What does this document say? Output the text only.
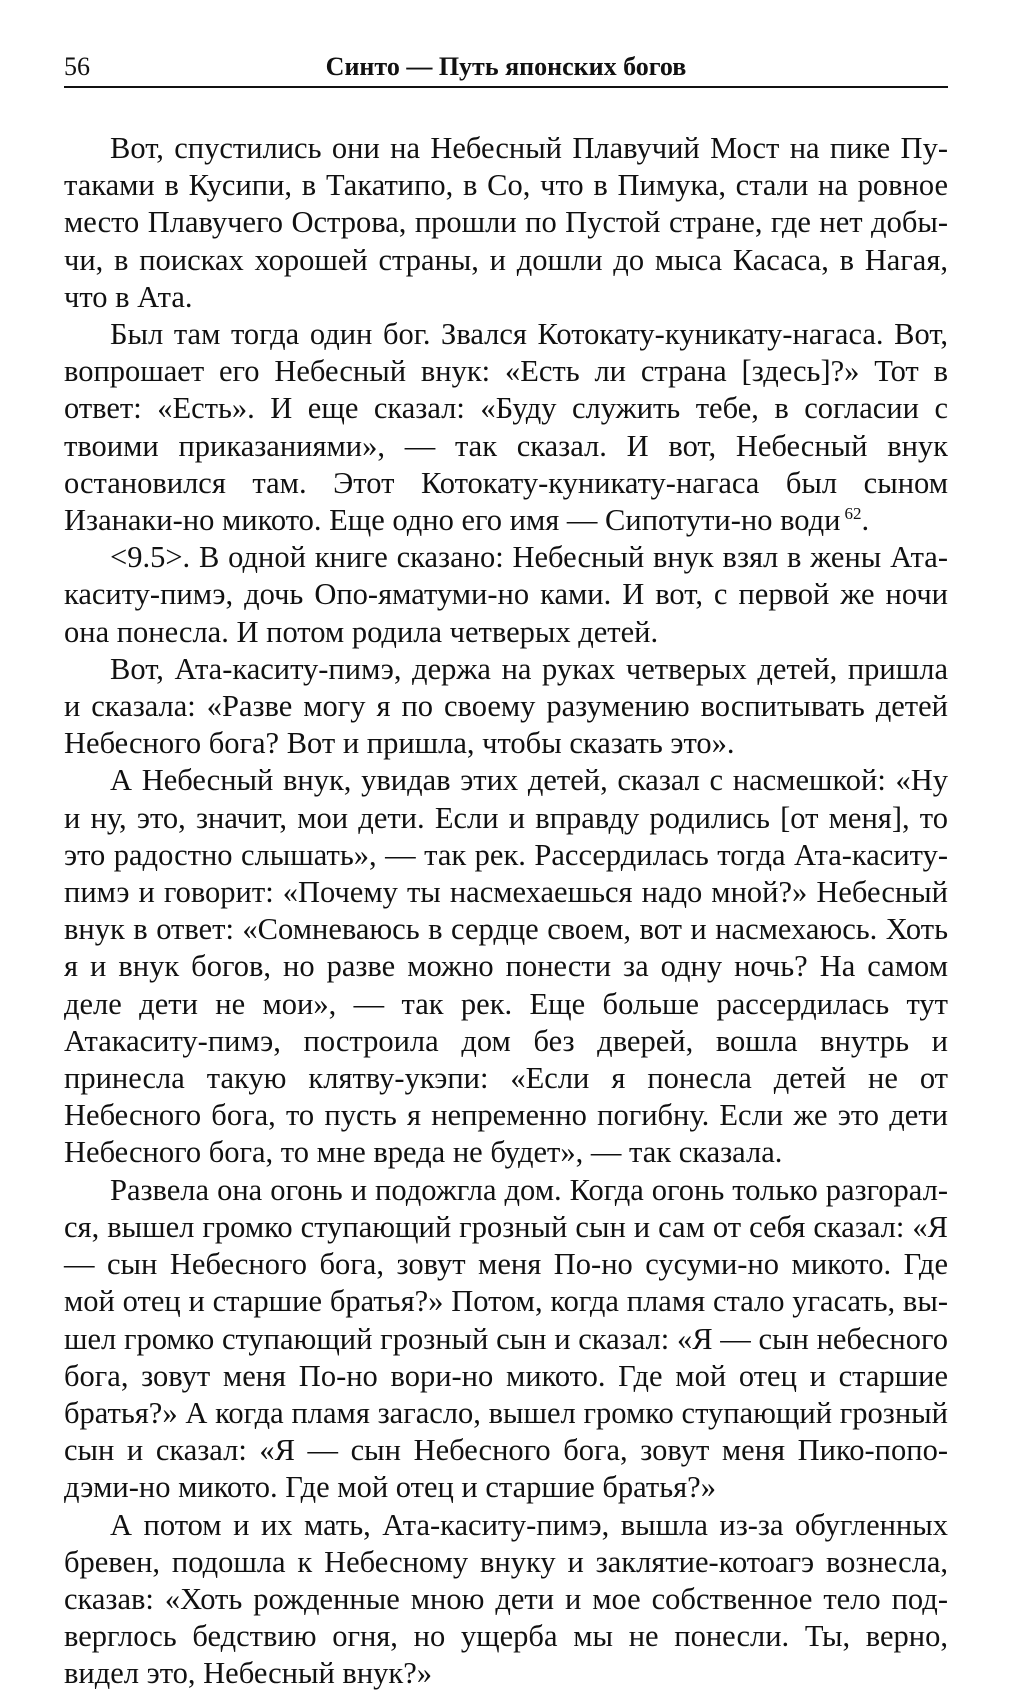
56	Синто — Путь японских богов

Вот, спустились они на Небесный Плавучий Мост на пике Путаками в Кусипи, в Такатипо, в Со, что в Пимука, стали на ровное место Плавучего Острова, прошли по Пустой стране, где нет добычи, в поисках хорошей страны, и дошли до мыса Касаса, в Нагая, что в Ата.

Был там тогда один бог. Звался Котокату-куникату-нагаса. Вот, вопрошает его Небесный внук: «Есть ли страна [здесь]?» Тот в ответ: «Есть». И еще сказал: «Буду служить тебе, в согласии с твоими приказаниями», — так сказал. И вот, Небесный внук остановился там. Этот Котокату-куникату-нагаса был сыном Изанаки-но микото. Еще одно его имя — Сипотути-но води $^{62}$.

<9.5>. В одной книге сказано: Небесный внук взял в жены Ата-каситу-пимэ, дочь Опо-яматуми-но ками. И вот, с первой же ночи она понесла. И потом родила четверых детей.

Вот, Ата-каситу-пимэ, держа на руках четверых детей, пришла и сказала: «Разве могу я по своему разумению воспитывать детей Небесного бога? Вот и пришла, чтобы сказать это».

А Небесный внук, увидав этих детей, сказал с насмешкой: «Ну и ну, это, значит, мои дети. Если и вправду родились [от меня], то это радостно слышать», — так рек. Рассердилась тогда Ата-каситу-пимэ и говорит: «Почему ты насмехаешься надо мной?» Небесный внук в ответ: «Сомневаюсь в сердце своем, вот и насмехаюсь. Хоть я и внук богов, но разве можно понести за одну ночь? На самом деле дети не мои», — так рек. Еще больше рассердилась тут Атакаситу-пимэ, построила дом без дверей, вошла внутрь и принесла такую клятву-укэпи: «Если я понесла детей не от Небесного бога, то пусть я непременно погибну. Если же это дети Небесного бога, то мне вреда не будет», — так сказала.

Развела она огонь и подожгла дом. Когда огонь только разгорался, вышел громко ступающий грозный сын и сам от себя сказал: «Я — сын Небесного бога, зовут меня По-но сусуми-но микото. Где мой отец и старшие братья?» Потом, когда пламя стало угасать, вышел громко ступающий грозный сын и сказал: «Я — сын небесного бога, зовут меня По-но вори-но микото. Где мой отец и старшие братья?» А когда пламя загасло, вышел громко ступающий грозный сын и сказал: «Я — сын Небесного бога, зовут меня Пико-поподэми-но микото. Где мой отец и старшие братья?»

А потом и их мать, Ата-каситу-пимэ, вышла из-за обугленных бревен, подошла к Небесному внуку и заклятие-котоагэ вознесла, сказав: «Хоть рожденные мною дети и мое собственное тело подверглось бедствию огня, но ущерба мы не понесли. Ты, верно, видел это, Небесный внук?»
